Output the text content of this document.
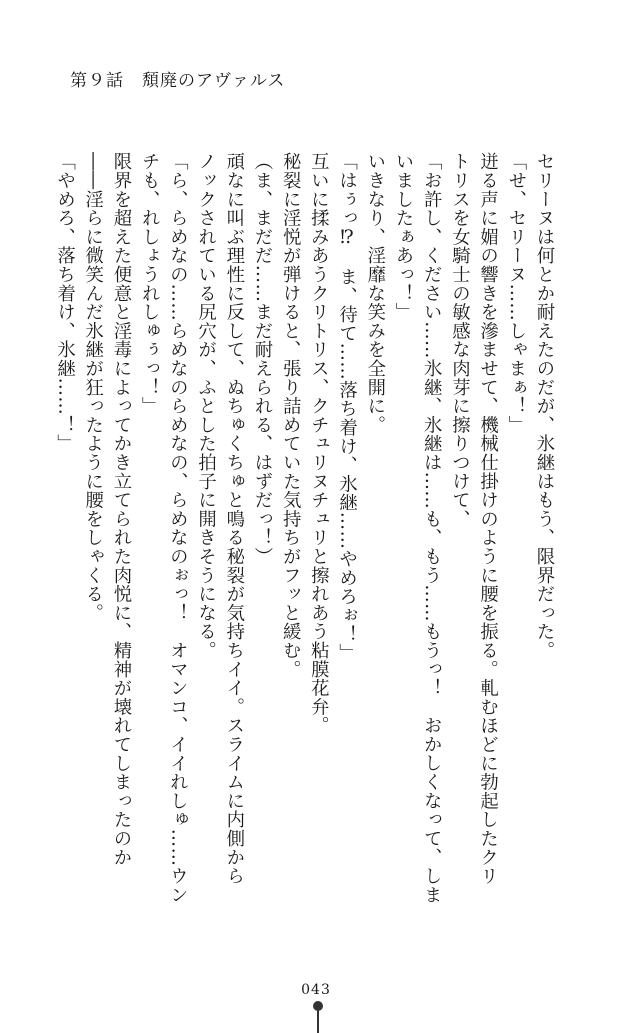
第９話 頽廃のアヴァルス

セリーヌは何とか耐えたのだが、氷継はもう、限界だった。

「せ、セリーヌ……しゃまぁ！」

迸る声に媚の響きを滲ませて、機械仕掛けのように腰を振る。軋むほどに勃起したクリ

トリスを女騎士の敏感な肉芽に擦りつけて、

「お許し、ください……氷継、氷継は……も、もう……もうっ！　おかしくなって、しま

いましたぁあっ！」

いきなり、淫靡な笑みを全開に。

「はぅっ⁉　ま、待て……落ち着け、氷継……やめろぉ！」

互いに揉みあうクリトリス、クチュリヌチュリと擦れあう粘膜花弁。

秘裂に淫悦が弾けると、張り詰めていた気持ちがフッと緩む。

（ま、まだだ……まだ耐えられる、はずだっ！）

頑なに叫ぶ理性に反して、ぬちゅくちゅと鳴る秘裂が気持ちイイ。スライムに内側から

ノックされている尻穴が、ふとした拍子に開きそうになる。

「ら、らめなの……らめなのらめなの、らめなのぉっ！　オマンコ、イイれしゅ……ウン

チも、れしょうれしゅぅっ！」

限界を超えた便意と淫毒によってかき立てられた肉悦に、精神が壊れてしまったのか

――淫らに微笑んだ氷継が狂ったように腰をしゃくる。

「やめろ、落ち着け、氷継……！」

043
